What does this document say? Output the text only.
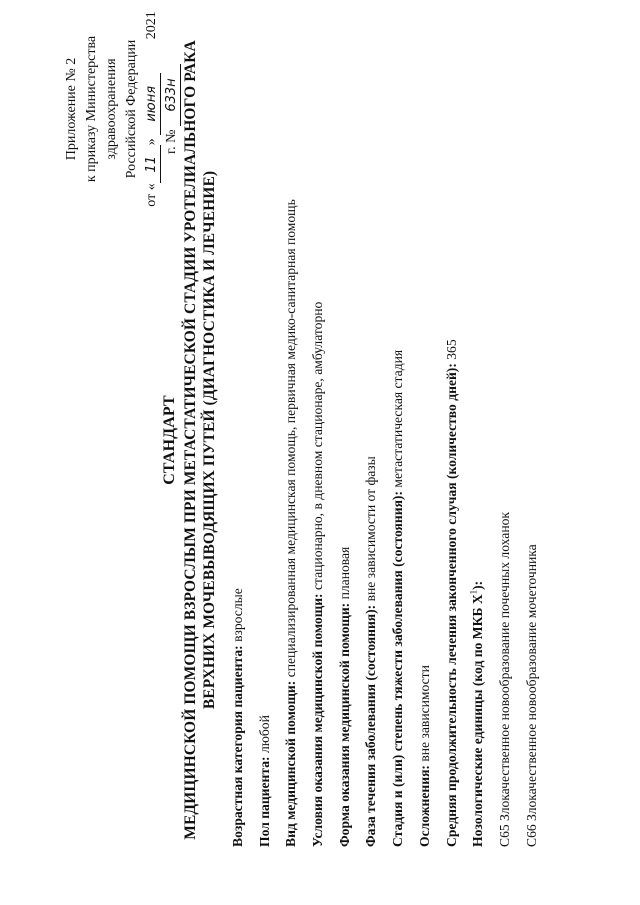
Приложение № 2 к приказу Министерства здравоохранения Российской Федерации
от «11» июня 2021 г. № 633н
СТАНДАРТ МЕДИЦИНСКОЙ ПОМОЩИ ВЗРОСЛЫМ ПРИ МЕТАСТАТИЧЕСКОЙ СТАДИИ УРОТЕЛИАЛЬНОГО РАКА ВЕРХНИХ МОЧЕВЫВОДЯЩИХ ПУТЕЙ (ДИАГНОСТИКА И ЛЕЧЕНИЕ)
Возрастная категория пациента: взрослые
Пол пациента: любой Вид медицинской помощи: специализированная медицинская помощь, первичная медико-санитарная помощь
Условия оказания медицинской помощи: стационарно, в дневном стационаре, амбулаторно
Форма оказания медицинской помощи: плановая
Фаза течения заболевания (состояния): вне зависимости от фазы Стадия и (или) степень тяжести заболевания (состояния): метастатическая стадия
Осложнения: вне зависимости Средняя продолжительность лечения законченного случая (количество дней): 365
Нозологические единицы (код по МКБ $X^1$): C65 Злокачественное новообразование почечных лоханок C66 Злокачественное новообразование мочеточника
